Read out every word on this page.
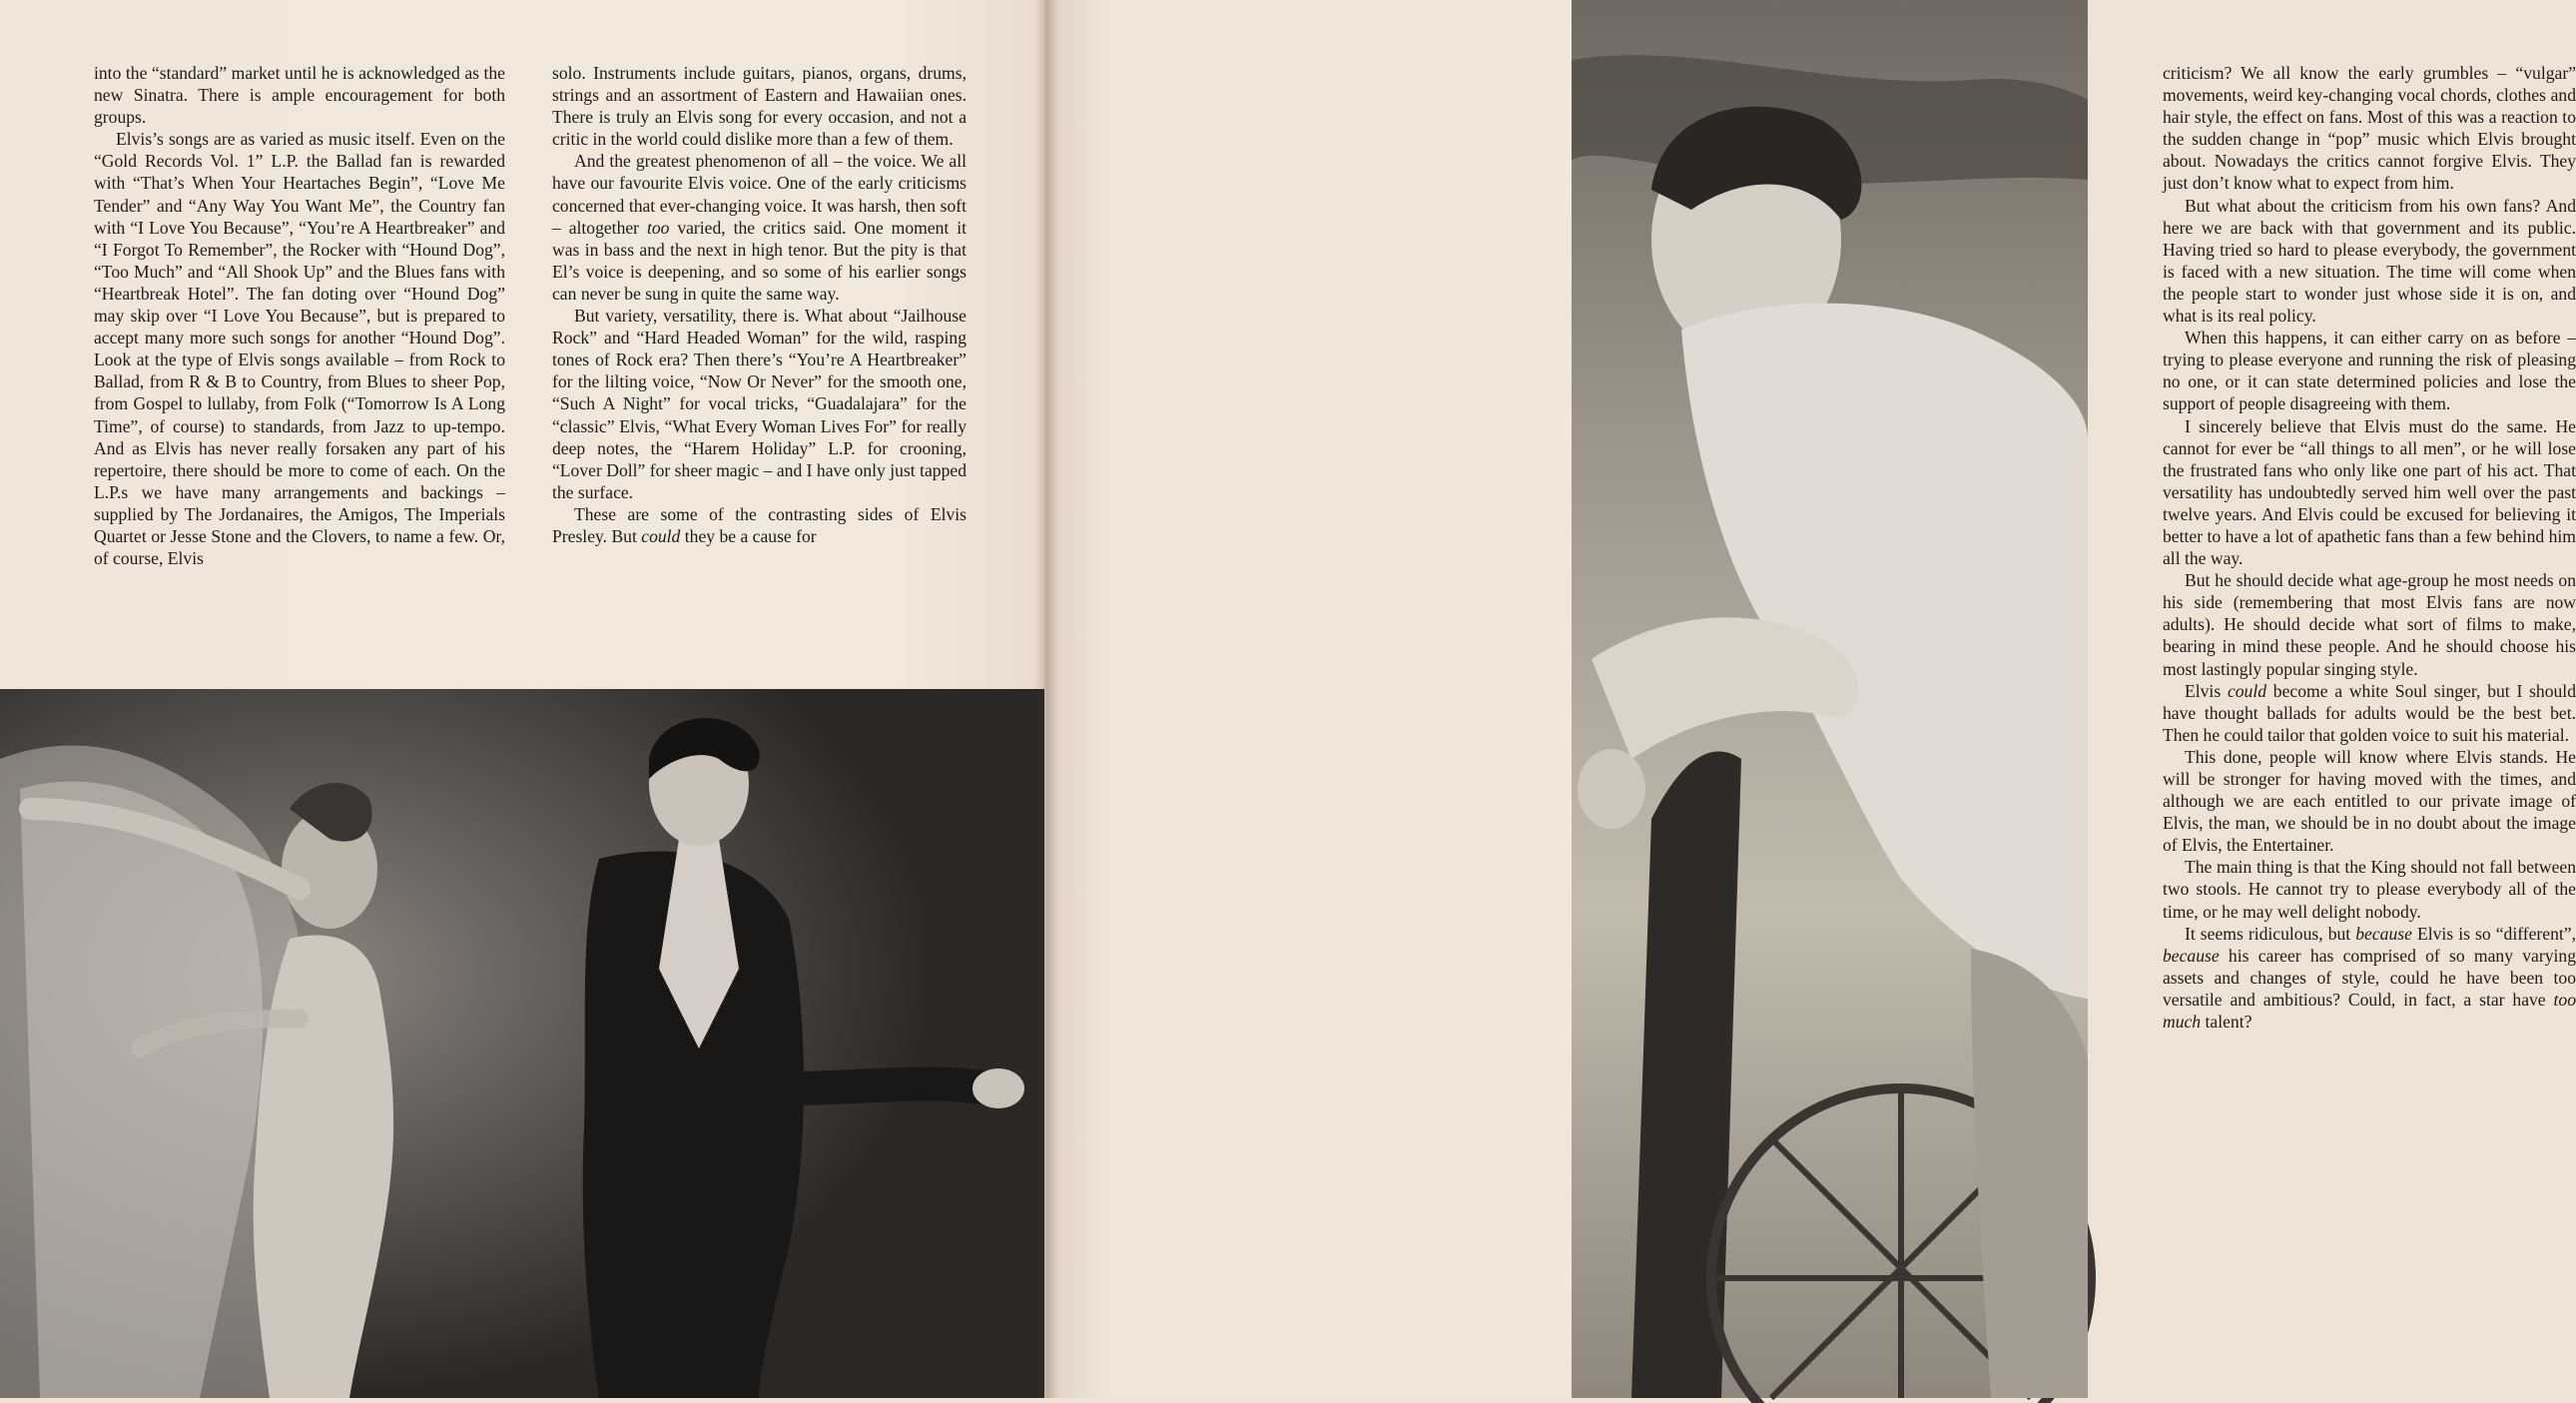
into the “standard” market until he is acknowledged as the new Sinatra. There is ample encouragement for both groups.

Elvis’s songs are as varied as music itself. Even on the “Gold Records Vol. 1” L.P. the Ballad fan is rewarded with “That’s When Your Heartaches Begin”, “Love Me Tender” and “Any Way You Want Me”, the Country fan with “I Love You Because”, “You’re A Heartbreaker” and “I Forgot To Remember”, the Rocker with “Hound Dog”, “Too Much” and “All Shook Up” and the Blues fans with “Heartbreak Hotel”. The fan doting over “Hound Dog” may skip over “I Love You Because”, but is prepared to accept many more such songs for another “Hound Dog”. Look at the type of Elvis songs available – from Rock to Ballad, from R & B to Country, from Blues to sheer Pop, from Gospel to lullaby, from Folk (“Tomorrow Is A Long Time”, of course) to standards, from Jazz to up-tempo. And as Elvis has never really forsaken any part of his repertoire, there should be more to come of each. On the L.P.s we have many arrangements and backings – supplied by The Jordanaires, the Amigos, The Imperials Quartet or Jesse Stone and the Clovers, to name a few. Or, of course, Elvis

solo. Instruments include guitars, pianos, organs, drums, strings and an assortment of Eastern and Hawaiian ones. There is truly an Elvis song for every occasion, and not a critic in the world could dislike more than a few of them.

And the greatest phenomenon of all – the voice. We all have our favourite Elvis voice. One of the early criticisms concerned that ever-changing voice. It was harsh, then soft – altogether too varied, the critics said. One moment it was in bass and the next in high tenor. But the pity is that El’s voice is deepening, and so some of his earlier songs can never be sung in quite the same way.

But variety, versatility, there is. What about “Jailhouse Rock” and “Hard Headed Woman” for the wild, rasping tones of Rock era? Then there’s “You’re A Heartbreaker” for the lilting voice, “Now Or Never” for the smooth one, “Such A Night” for vocal tricks, “Guadalajara” for the “classic” Elvis, “What Every Woman Lives For” for really deep notes, the “Harem Holiday” L.P. for crooning, “Lover Doll” for sheer magic – and I have only just tapped the surface.

These are some of the contrasting sides of Elvis Presley. But could they be a cause for

criticism? We all know the early grumbles – “vulgar” movements, weird key-changing vocal chords, clothes and hair style, the effect on fans. Most of this was a reaction to the sudden change in “pop” music which Elvis brought about. Nowadays the critics cannot forgive Elvis. They just don’t know what to expect from him.

But what about the criticism from his own fans? And here we are back with that government and its public. Having tried so hard to please everybody, the government is faced with a new situation. The time will come when the people start to wonder just whose side it is on, and what is its real policy.

When this happens, it can either carry on as before – trying to please everyone and running the risk of pleasing no one, or it can state determined policies and lose the support of people disagreeing with them.

I sincerely believe that Elvis must do the same. He cannot for ever be “all things to all men”, or he will lose the frustrated fans who only like one part of his act. That versatility has undoubtedly served him well over the past twelve years. And Elvis could be excused for believing it better to have a lot of apathetic fans than a few behind him all the way.

But he should decide what age-group he most needs on his side (remembering that most Elvis fans are now adults). He should decide what sort of films to make, bearing in mind these people. And he should choose his most lastingly popular singing style.

Elvis could become a white Soul singer, but I should have thought ballads for adults would be the best bet. Then he could tailor that golden voice to suit his material.

This done, people will know where Elvis stands. He will be stronger for having moved with the times, and although we are each entitled to our private image of Elvis, the man, we should be in no doubt about the image of Elvis, the Entertainer.

The main thing is that the King should not fall between two stools. He cannot try to please everybody all of the time, or he may well delight nobody.

It seems ridiculous, but because Elvis is so “different”, because his career has comprised of so many varying assets and changes of style, could he have been too versatile and ambitious? Could, in fact, a star have too much talent?
